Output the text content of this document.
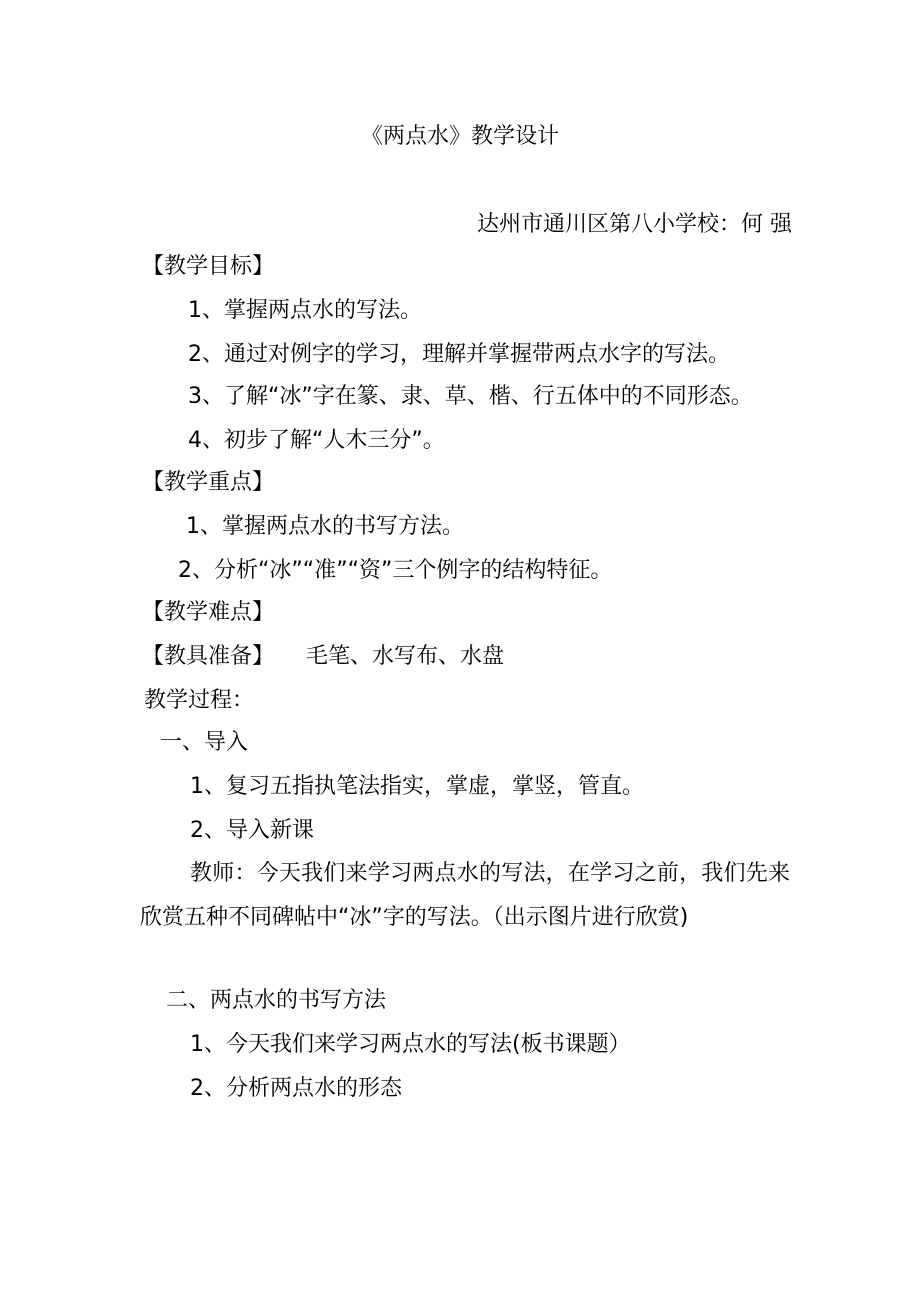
《两点水》教学设计
达州市通川区第八小学校：何 强
【教学目标】
1、掌握两点水的写法。
2、通过对例字的学习，理解并掌握带两点水字的写法。
3、了解“冰”字在篆、隶、草、楷、行五体中的不同形态。
4、初步了解“人木三分”。
【教学重点】
1、掌握两点水的书写方法。
2、分析“冰”“准”“资”三个例字的结构特征。
【教学难点】
【教具准备】 毛笔、水写布、水盘
教学过程：
一、导入
1、复习五指执笔法指实，掌虚，掌竖，管直。
2、导入新课
教师：今天我们来学习两点水的写法，在学习之前，我们先来欣赏五种不同碑帖中“冰”字的写法。（出示图片进行欣赏)
二、两点水的书写方法
1、今天我们来学习两点水的写法(板书课题）
2、分析两点水的形态
